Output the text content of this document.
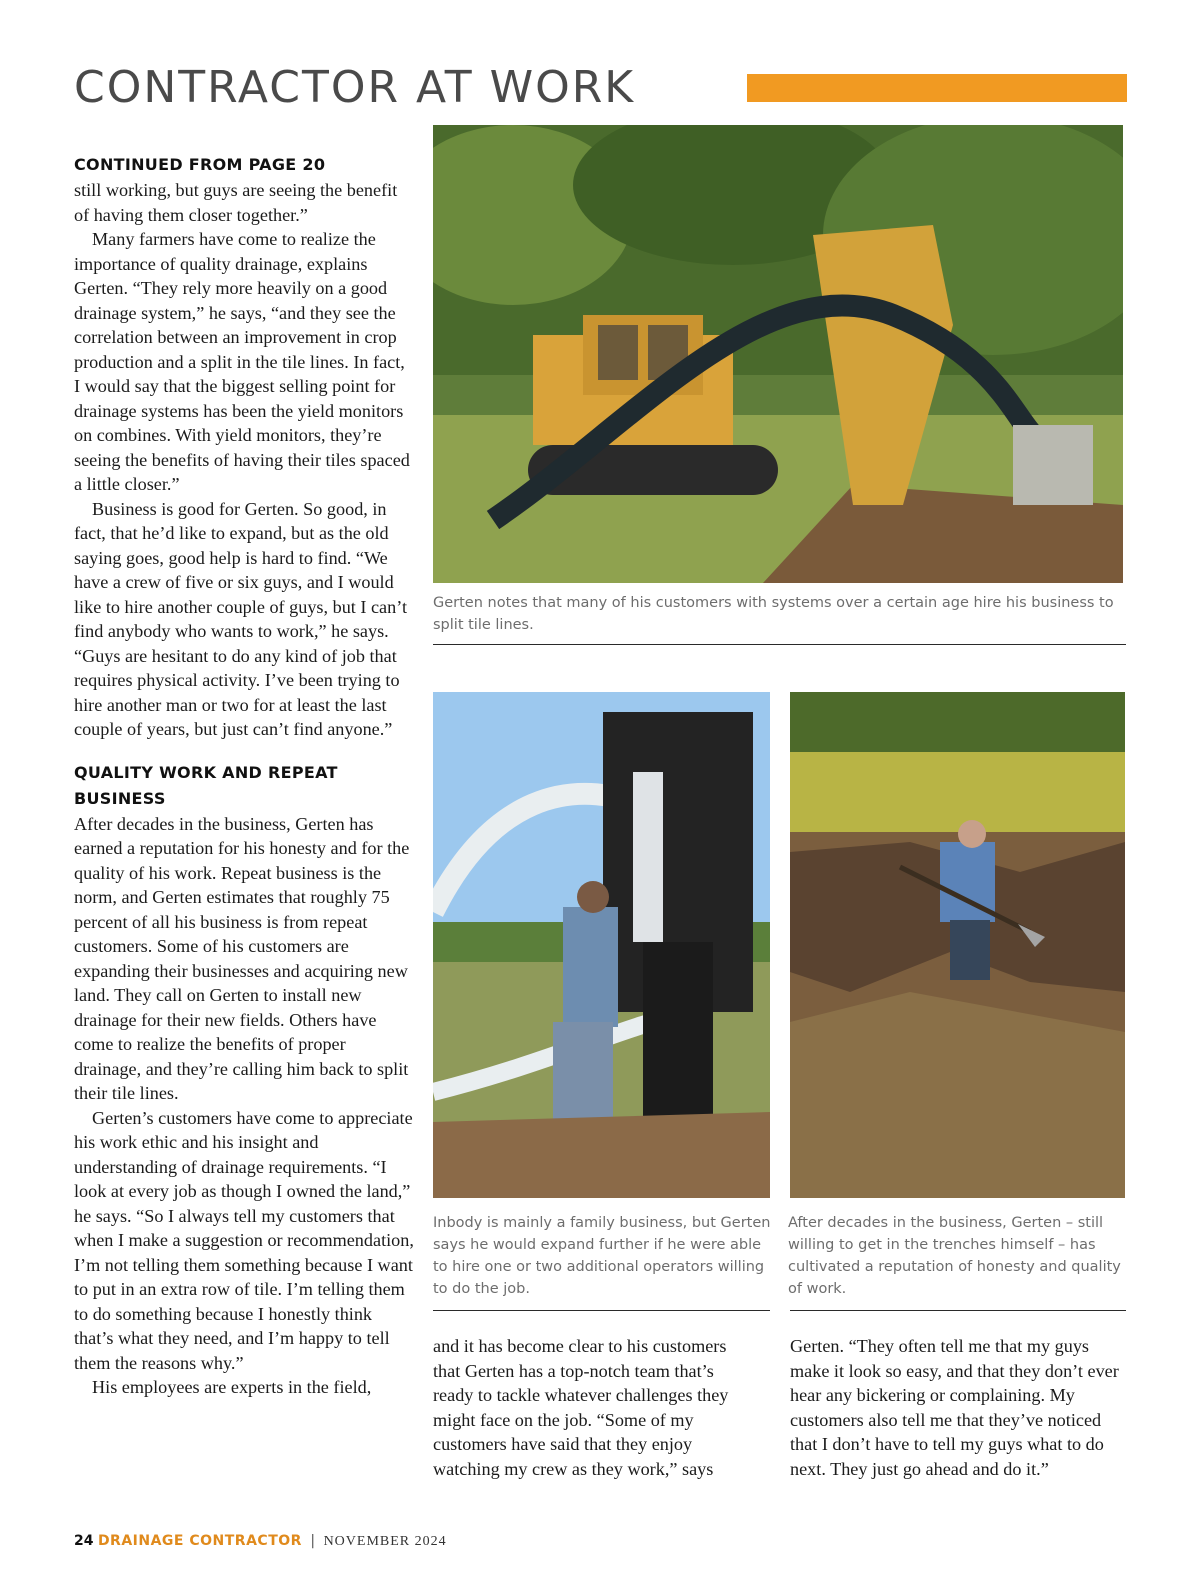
CONTRACTOR AT WORK
CONTINUED FROM PAGE 20

still working, but guys are seeing the benefit of having them closer together.”

Many farmers have come to realize the importance of quality drainage, explains Gerten. “They rely more heavily on a good drainage system,” he says, “and they see the correlation between an improvement in crop production and a split in the tile lines. In fact, I would say that the biggest selling point for drainage systems has been the yield monitors on combines. With yield monitors, they’re seeing the benefits of having their tiles spaced a little closer.”

Business is good for Gerten. So good, in fact, that he’d like to expand, but as the old saying goes, good help is hard to find. “We have a crew of five or six guys, and I would like to hire another couple of guys, but I can’t find anybody who wants to work,” he says. “Guys are hesitant to do any kind of job that requires physical activity. I’ve been trying to hire another man or two for at least the last couple of years, but just can’t find anyone.”

QUALITY WORK AND REPEAT BUSINESS

After decades in the business, Gerten has earned a reputation for his honesty and for the quality of his work. Repeat business is the norm, and Gerten estimates that roughly 75 percent of all his business is from repeat customers. Some of his customers are expanding their businesses and acquiring new land. They call on Gerten to install new drainage for their new fields. Others have come to realize the benefits of proper drainage, and they’re calling him back to split their tile lines.

Gerten’s customers have come to appreciate his work ethic and his insight and understanding of drainage requirements. “I look at every job as though I owned the land,” he says. “So I always tell my customers that when I make a suggestion or recommendation, I’m not telling them something because I want to put in an extra row of tile. I’m telling them to do something because I honestly think that’s what they need, and I’m happy to tell them the reasons why.”

His employees are experts in the field,

Gerten notes that many of his customers with systems over a certain age hire his business to split tile lines.

Inbody is mainly a family business, but Gerten says he would expand further if he were able to hire one or two additional operators willing to do the job.

After decades in the business, Gerten – still willing to get in the trenches himself – has cultivated a reputation of honesty and quality of work.

and it has become clear to his customers that Gerten has a top-notch team that’s ready to tackle whatever challenges they might face on the job. “Some of my customers have said that they enjoy watching my crew as they work,” says

Gerten. “They often tell me that my guys make it look so easy, and that they don’t ever hear any bickering or complaining. My customers also tell me that they’ve noticed that I don’t have to tell my guys what to do next. They just go ahead and do it.”

24 DRAINAGE CONTRACTOR | NOVEMBER 2024
